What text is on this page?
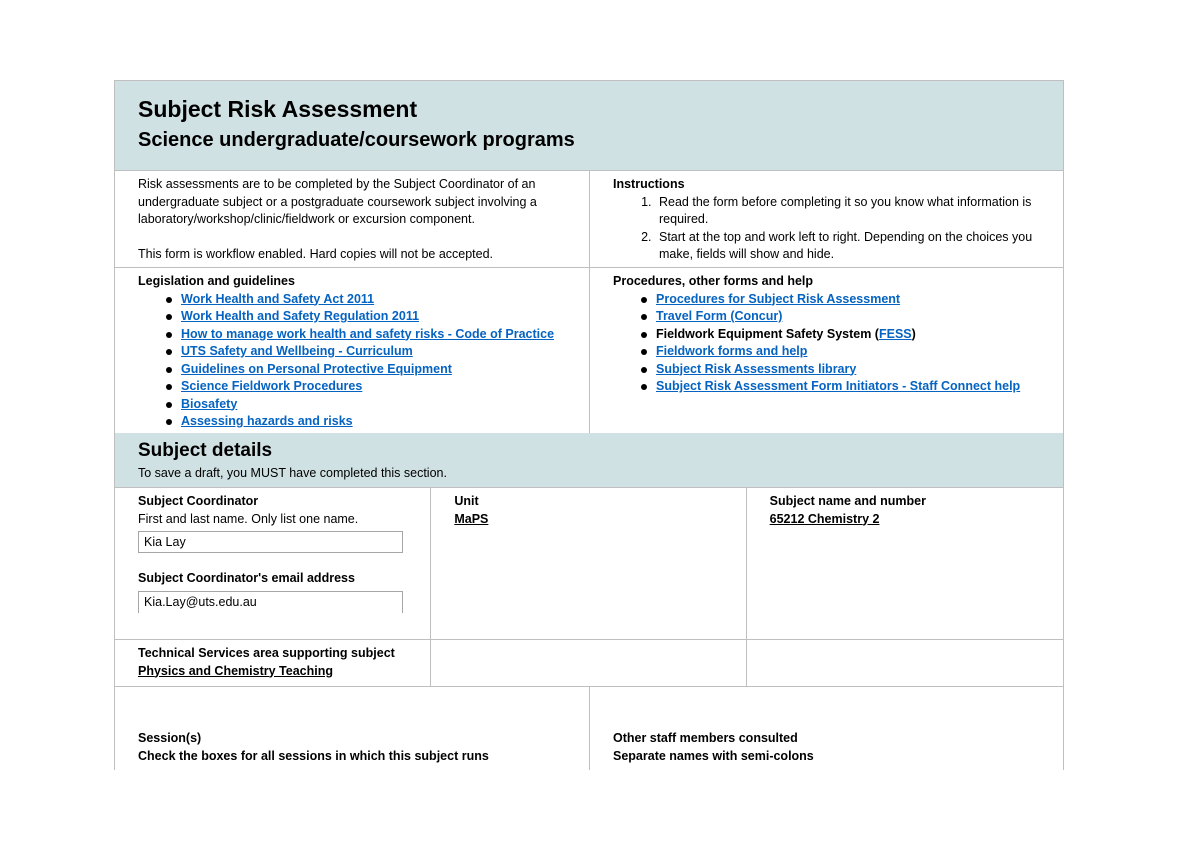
Subject Risk Assessment
Science undergraduate/coursework programs
Risk assessments are to be completed by the Subject Coordinator of an undergraduate subject or a postgraduate coursework subject involving a laboratory/workshop/clinic/fieldwork or excursion component.
This form is workflow enabled. Hard copies will not be accepted.
Instructions
1. Read the form before completing it so you know what information is required.
2. Start at the top and work left to right. Depending on the choices you make, fields will show and hide.
Legislation and guidelines
Work Health and Safety Act 2011
Work Health and Safety Regulation 2011
How to manage work health and safety risks - Code of Practice
UTS Safety and Wellbeing - Curriculum
Guidelines on Personal Protective Equipment
Science Fieldwork Procedures
Biosafety
Assessing hazards and risks
Procedures, other forms and help
Procedures for Subject Risk Assessment
Travel Form (Concur)
Fieldwork Equipment Safety System (FESS)
Fieldwork forms and help
Subject Risk Assessments library
Subject Risk Assessment Form Initiators - Staff Connect help
Subject details
To save a draft, you MUST have completed this section.
Subject Coordinator
First and last name. Only list one name.
Kia Lay
Subject Coordinator's email address
Kia.Lay@uts.edu.au
Unit
MaPS
Subject name and number
65212 Chemistry 2
Technical Services area supporting subject
Physics and Chemistry Teaching
Session(s)
Check the boxes for all sessions in which this subject runs
Other staff members consulted
Separate names with semi-colons
